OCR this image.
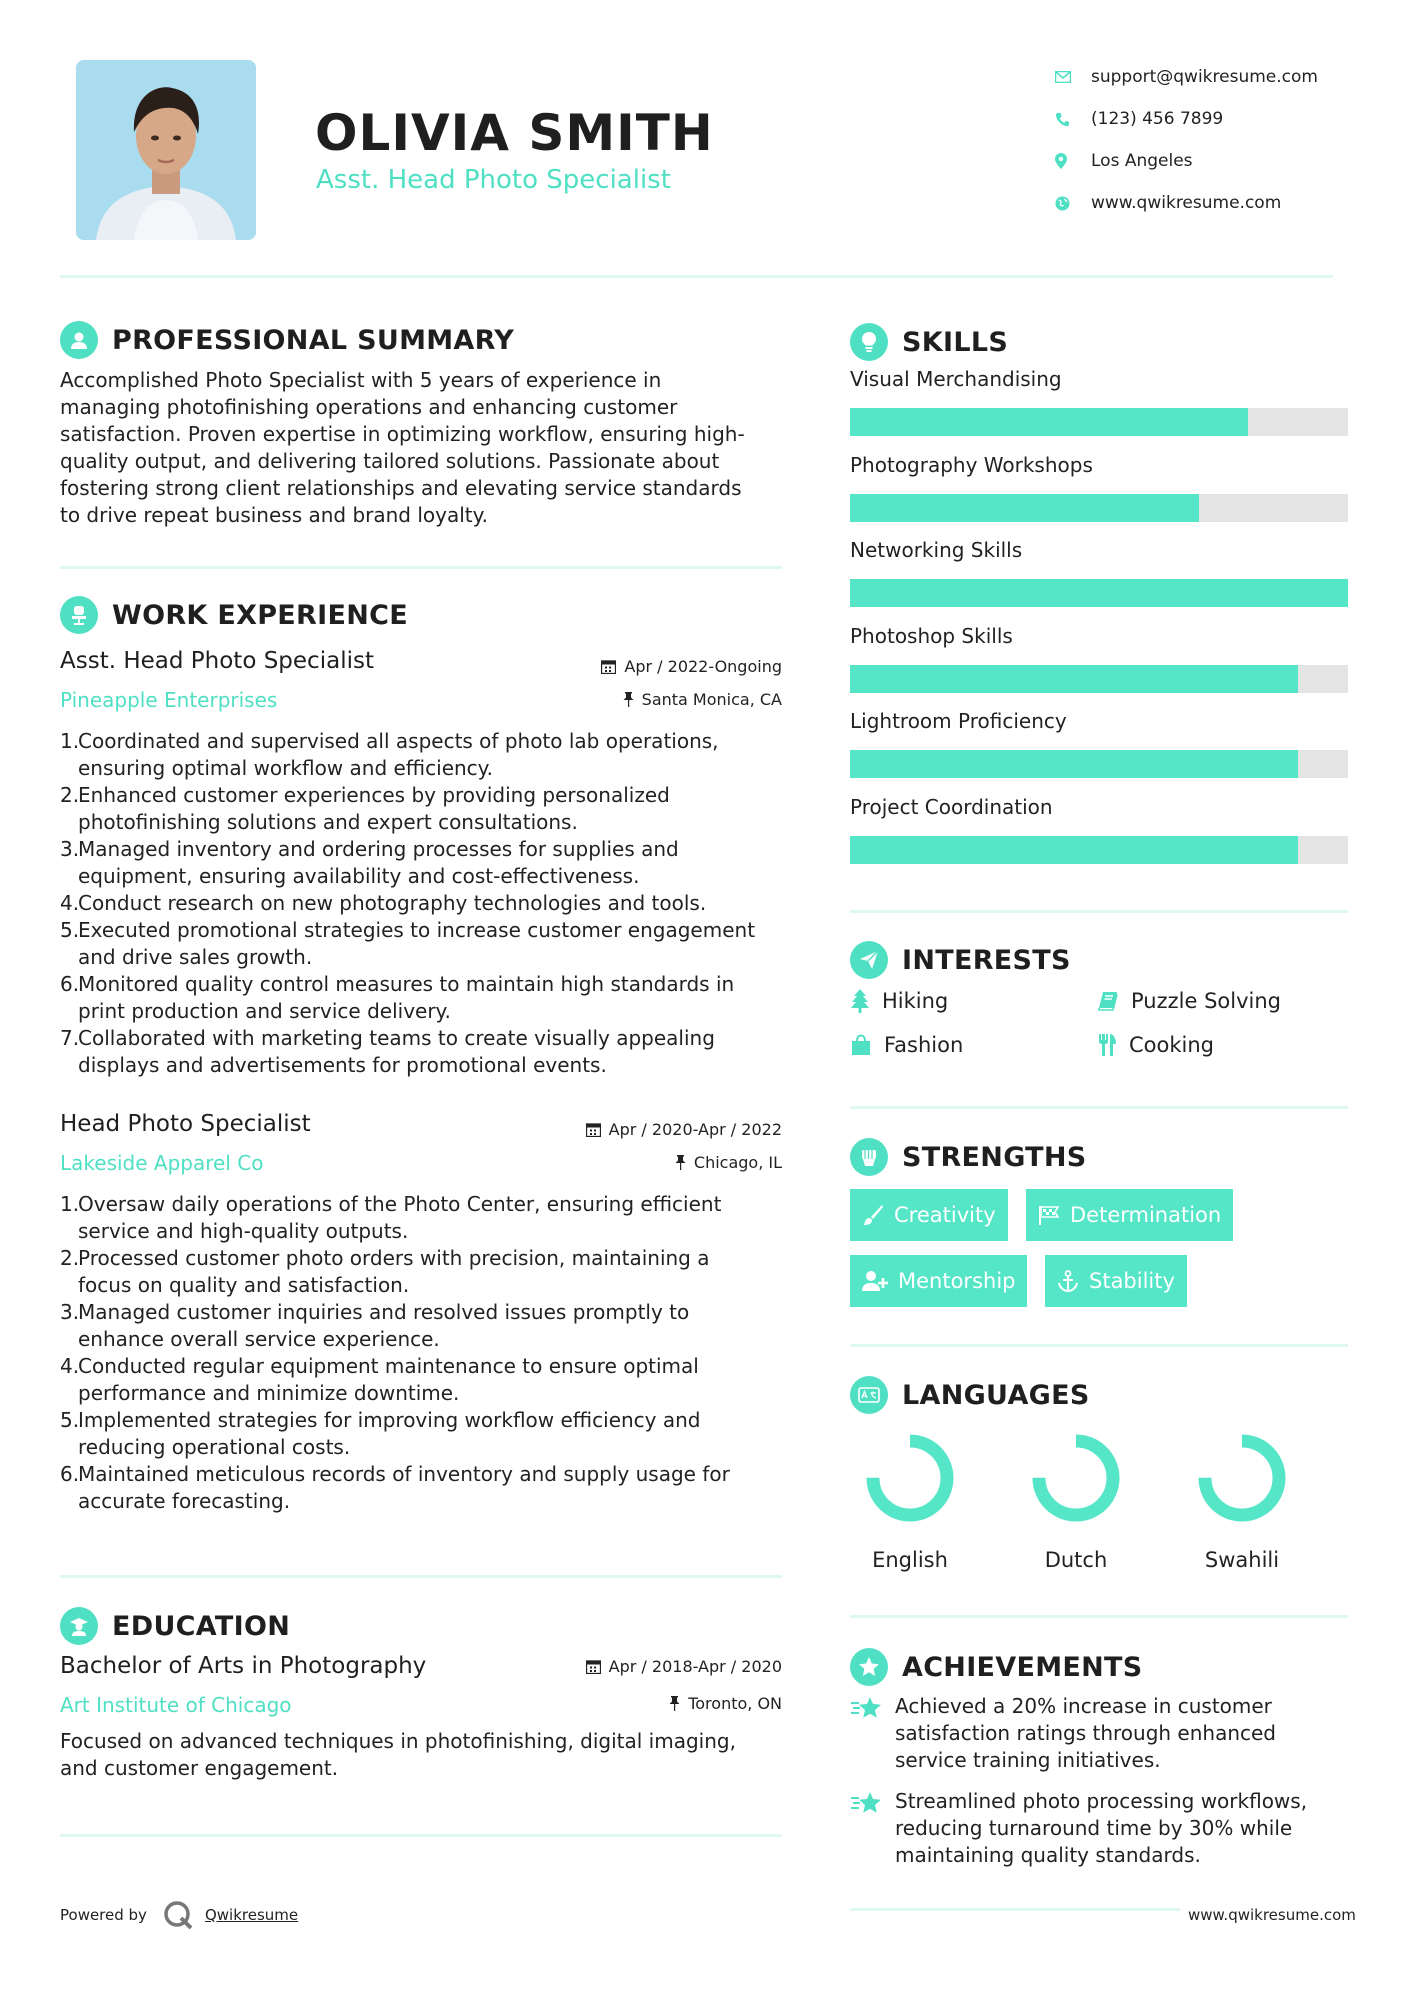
OLIVIA SMITH
Asst. Head Photo Specialist
support@qwikresume.com
(123) 456 7899
Los Angeles
www.qwikresume.com
PROFESSIONAL SUMMARY
Accomplished Photo Specialist with 5 years of experience in
managing photofinishing operations and enhancing customer
satisfaction. Proven expertise in optimizing workflow, ensuring high-
quality output, and delivering tailored solutions. Passionate about
fostering strong client relationships and elevating service standards
to drive repeat business and brand loyalty.
WORK EXPERIENCE
Asst. Head Photo Specialist
Pineapple Enterprises
Apr / 2022-Ongoing
Santa Monica, CA
Coordinated and supervised all aspects of photo lab operations,
ensuring optimal workflow and efficiency.
Enhanced customer experiences by providing personalized
photofinishing solutions and expert consultations.
Managed inventory and ordering processes for supplies and
equipment, ensuring availability and cost-effectiveness.
Conduct research on new photography technologies and tools.
Executed promotional strategies to increase customer engagement
and drive sales growth.
Monitored quality control measures to maintain high standards in
print production and service delivery.
Collaborated with marketing teams to create visually appealing
displays and advertisements for promotional events.
Head Photo Specialist
Lakeside Apparel Co
Apr / 2020-Apr / 2022
Chicago, IL
Oversaw daily operations of the Photo Center, ensuring efficient
service and high-quality outputs.
Processed customer photo orders with precision, maintaining a
focus on quality and satisfaction.
Managed customer inquiries and resolved issues promptly to
enhance overall service experience.
Conducted regular equipment maintenance to ensure optimal
performance and minimize downtime.
Implemented strategies for improving workflow efficiency and
reducing operational costs.
Maintained meticulous records of inventory and supply usage for
accurate forecasting.
EDUCATION
Bachelor of Arts in Photography
Art Institute of Chicago
Apr / 2018-Apr / 2020
Toronto, ON
Focused on advanced techniques in photofinishing, digital imaging,
and customer engagement.
SKILLS
Visual Merchandising
Photography Workshops
Networking Skills
Photoshop Skills
Lightroom Proficiency
Project Coordination
INTERESTS
Hiking	Puzzle Solving
Fashion	Cooking
STRENGTHS
Creativity	Determination
Mentorship	Stability
LANGUAGES
English	Dutch	Swahili
ACHIEVEMENTS
Achieved a 20% increase in customer
satisfaction ratings through enhanced
service training initiatives.
Streamlined photo processing workflows,
reducing turnaround time by 30% while
maintaining quality standards.
Powered by	Qwikresume	www.qwikresume.com
